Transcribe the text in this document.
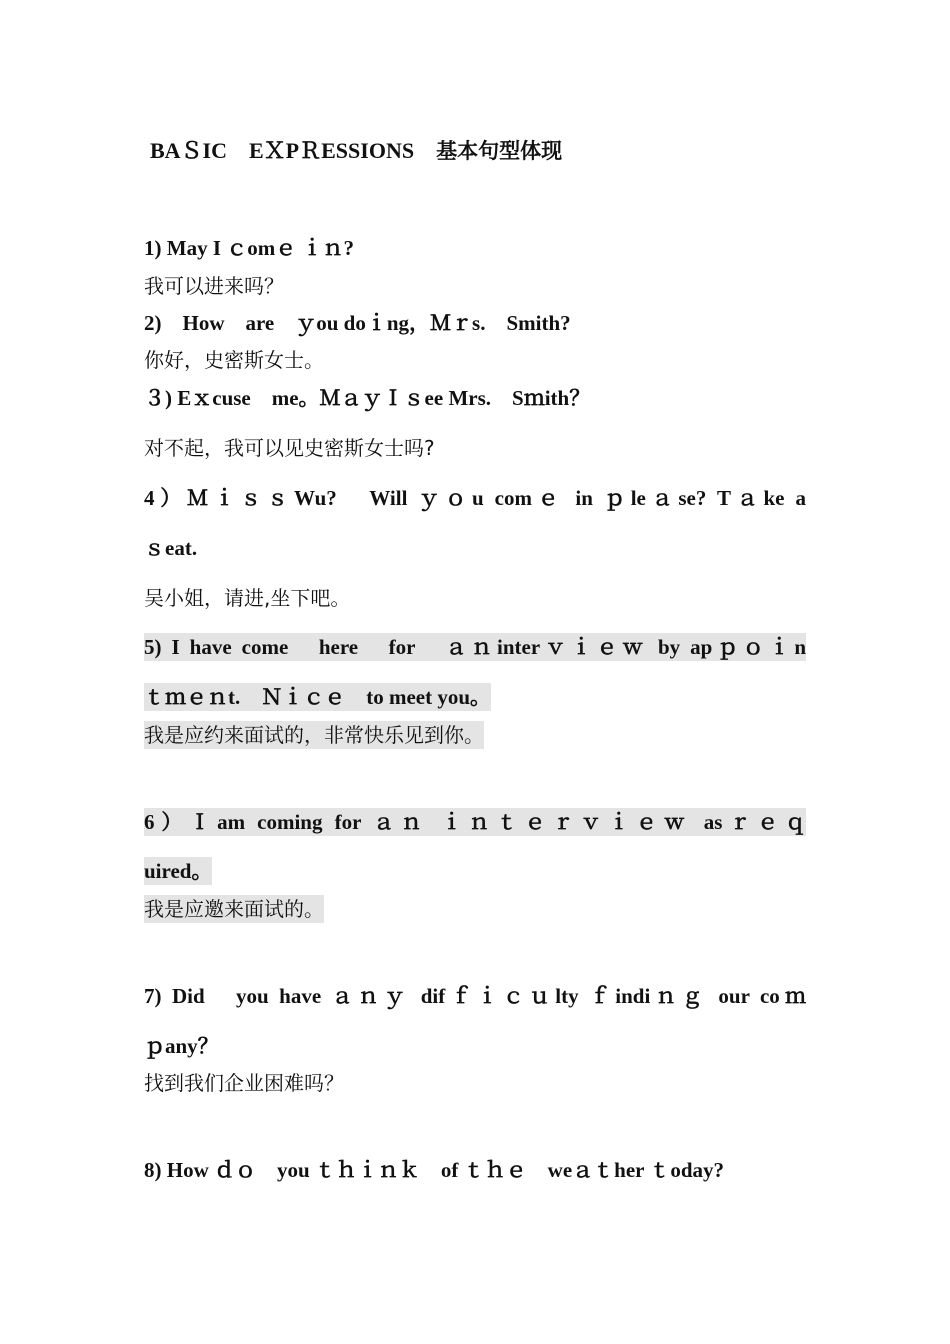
BAＳIC　EＸPＲESSIONS 基本句型体现
1) May I ｃomｅ ｉｎ?
我可以进来吗？
2)　How　are　ｙou doｉng，Ｍｒs.　Smith?
你好，史密斯女士。
３) Eｘcuse　me。ＭａｙＩｓee Mrs.　Sｍith？
对不起，我可以见史密斯女士吗?
4）ＭｉｓｓWu?　Will ｙｏu comｅ in ｐleａse? Tａke a
ｓeat.
吴小姐，请进,坐下吧。
5) I have come　here　for　ａｎinterｖｉｅｗ by apｐｏｉn
ｔｍｅｎt.　Ｎｉｃｅ　to meet you。
我是应约来面试的，非常快乐见到你。
6）Ｉam coming for ａｎ ｉｎｔｅｒｖｉｅｗ asｒｅｑ
uired。
我是应邀来面试的。
7) Did　you have ａｎｙ difｆｉｃｕlty ｆindiｎｇ our coｍ
ｐany？
找到我们企业困难吗？
8) How ｄｏ　you ｔｈｉｎｋ　of ｔｈｅ　weａｔher ｔoday?
